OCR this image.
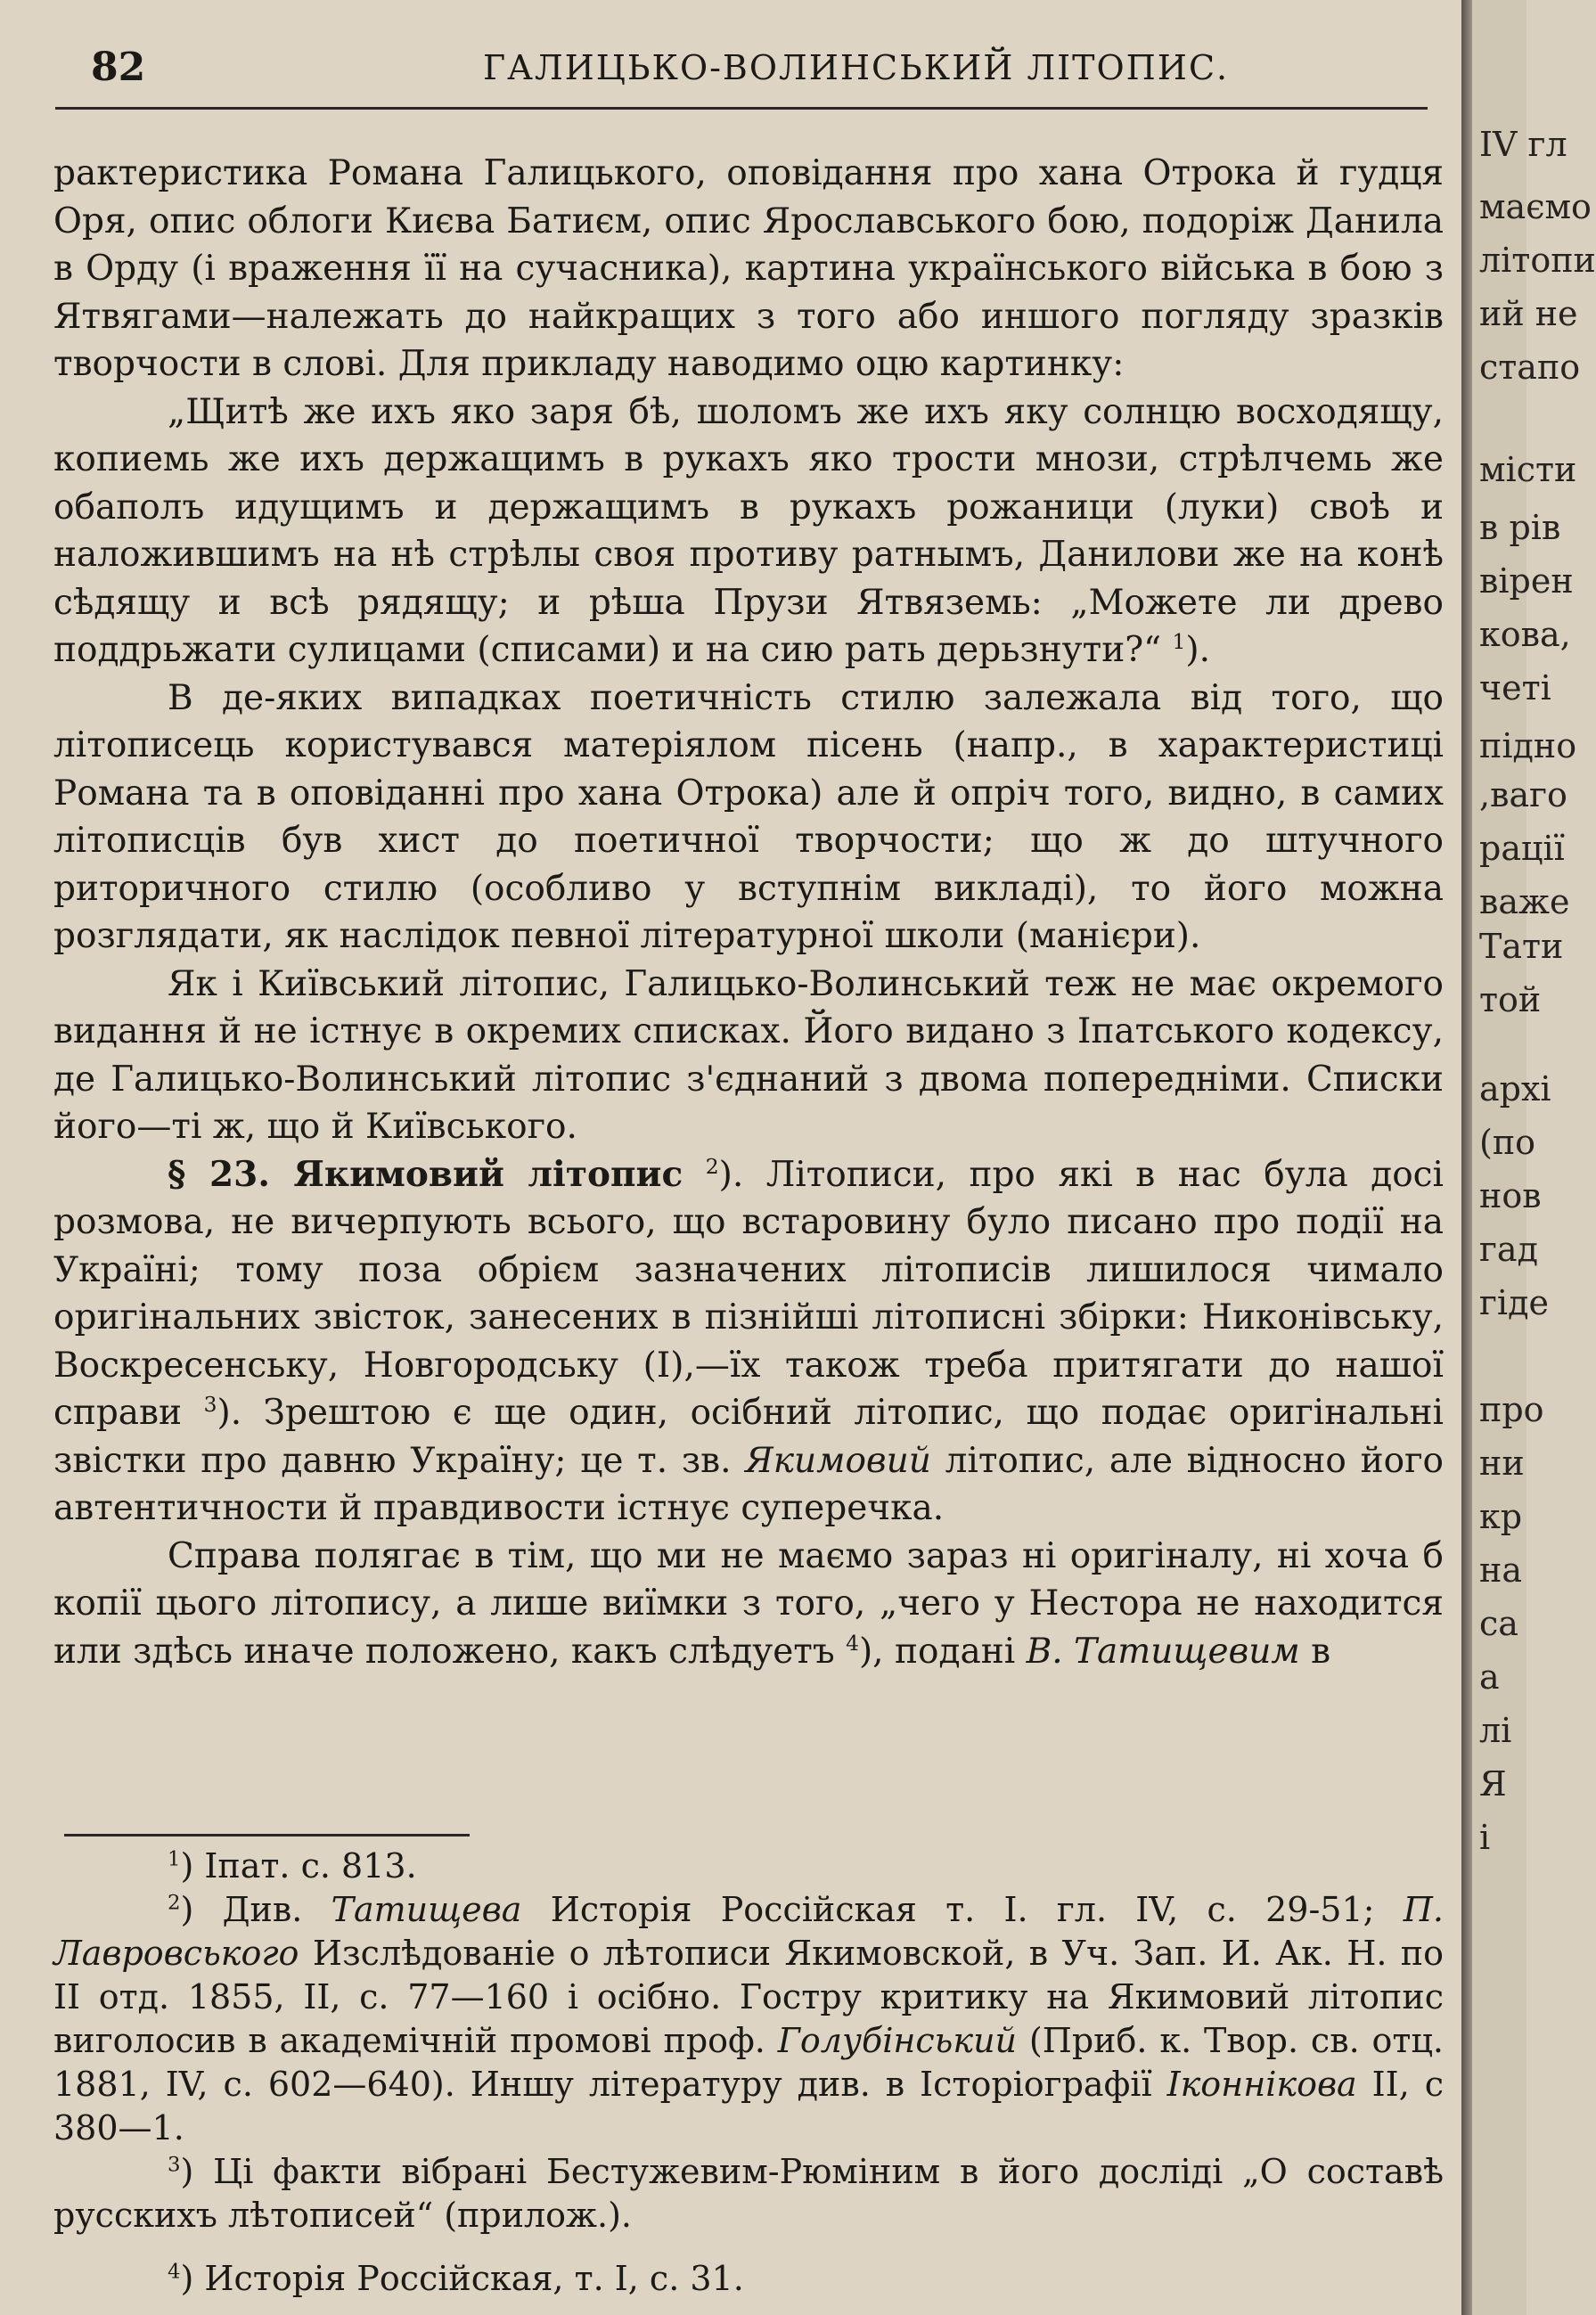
82	ГАЛИЦЬКО-ВОЛИНСЬКИЙ ЛІТОПИС.

рактеристика Романа Галицького, оповідання про хана Отрока й гудця Оря, опис облоги Києва Батиєм, опис Ярославського бою, подоріж Данила в Орду (і враження її на сучасника), картина українського війська в бою з Ятвягами—належать до найкращих з того або иншого погляду зразків творчости в слові. Для прикладу наводимо оцю картинку:

„Щитѣ же ихъ яко заря бѣ, шоломъ же ихъ яку солнцю восходящу, копиемь же ихъ держащимъ в рукахъ яко трости мнози, стрѣлчемь же обаполъ идущимъ и держащимъ в рукахъ рожаници (луки) своѣ и наложившимъ на нѣ стрѣлы своя противу ратнымъ, Данилови же на конѣ сѣдящу и всѣ рядящу; и рѣша Прузи Ятвяземь: „Можете ли древо поддрьжати сулицами (списами) и на сию рать дерьзнути?“ $^1$).

В де-яких випадках поетичність стилю залежала від того, що літописець користувався матеріялом пісень (напр., в характеристиці Романа та в оповіданні про хана Отрока) але й опріч того, видно, в самих літописців був хист до поетичної творчости; що ж до штучного риторичного стилю (особливо у вступнім викладі), то його можна розглядати, як наслідок певної літературної школи (манієри).

Як і Київський літопис, Галицько-Волинський теж не має окремого видання й не істнує в окремих списках. Його видано з Іпатського кодексу, де Галицько-Волинський літопис з'єднаний з двома попередніми. Списки його—ті ж, що й Київського.

§ 23. Якимовий літопис $^2$). Літописи, про які в нас була досі розмова, не вичерпують всього, що встаровину було писано про події на Україні; тому поза обрієм зазначених літописів лишилося чимало оригінальних звісток, занесених в пізнійші літописні збірки: Никонівську, Воскресенську, Новгородську (І),—їх також треба притягати до нашої справи $^3$). Зрештою є ще один, осібний літопис, що подає оригінальні звістки про давню Україну; це т. зв. Якимовий літопис, але відносно його автентичности й правдивости істнує суперечка.

Справа полягає в тім, що ми не маємо зараз ні оригіналу, ні хоча б копії цього літопису, а лише виїмки з того, „чего у Нестора не находится или здѣсь иначе положено, какъ слѣдуетъ $^4$), подані В. Татищевим в

$^1$) Іпат. с. 813.

$^2$) Див. Татищева Исторія Россійская т. І. гл. IV, с. 29-51; П. Лавровського Изслѣдованіе о лѣтописи Якимовской, в Уч. Зап. И. Ак. Н. по II отд. 1855, II, с. 77—160 і осібно. Гостру критику на Якимовий літопис виголосив в академічній промові проф. Голубінський (Приб. к. Твор. св. отц. 1881, IV, с. 602—640). Иншу літературу див. в Історіографії Іконнікова II, с 380—1.

$^3$) Ці факти вібрані Бестужевим-Рюміним в його досліді „О составѣ русскихъ лѣтописей“ (прилож.).

$^4$) Исторія Россійская, т. І, с. 31.

IV гл
маємо
літопи
ий не
стапо
місти
в рів
вірен
кова,
четі
підно
,ваго
рації
важе
Тати
той
архі
(по
нов
гад
гіде
про
ни
кр
на
са
а
лі
Я
і
